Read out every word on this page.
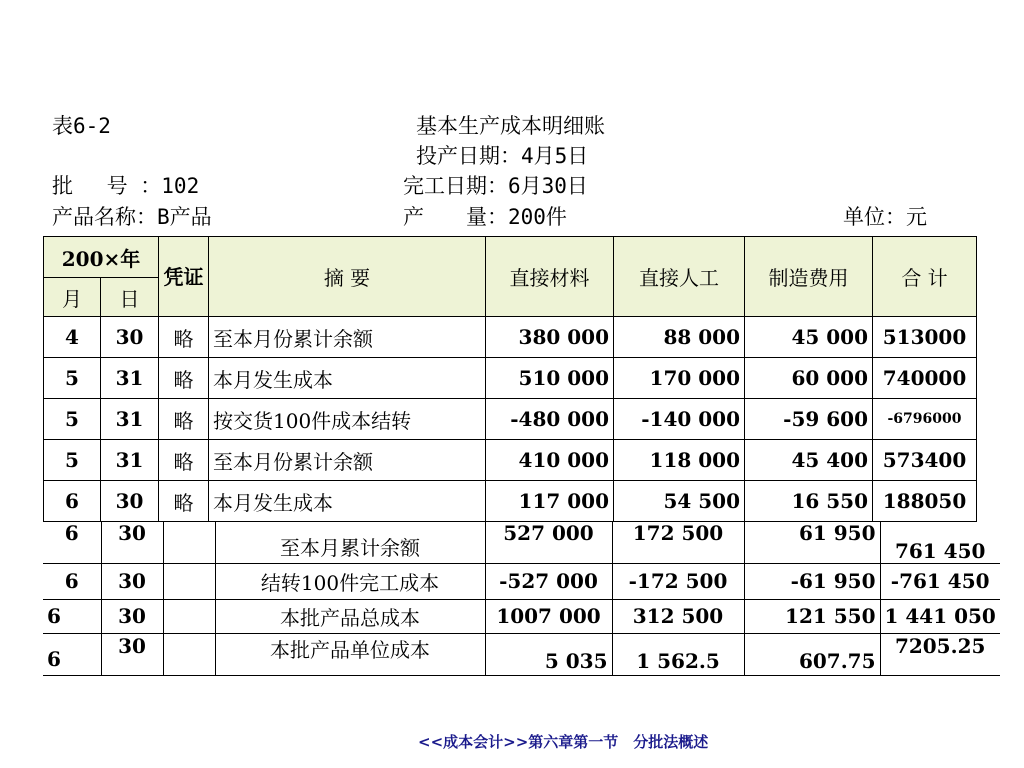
表6-2	基本生产成本明细账
投产日期：4月5日
批　 号 ：102	完工日期：6月30日
产品名称：B产品	产　　量：200件	单位：元
200×年		凭证	摘 要	直接材料	直接人工	制造费用	合 计
月	日						
4	30	略	至本月份累计余额	380 000	88 000	45 000	513000
5	31	略	本月发生成本	510 000	170 000	60 000	740000
5	31	略	按交货100件成本结转	-480 000	-140 000	-59 600	-6796000
5	31	略	至本月份累计余额	410 000	118 000	45 400	573400
6	30	略	本月发生成本	117 000	54 500	16 550	188050
6	30		至本月累计余额	527 000	172 500	61 950	761 450
6	30		结转100件完工成本	-527 000	-172 500	-61 950	-761 450
6	30		本批产品总成本	1007 000	312 500	121 550	1 441 050
6	30		本批产品单位成本	5 035	1 562.5	607.75	7205.25
<<成本会计>>第六章第一节　分批法概述
